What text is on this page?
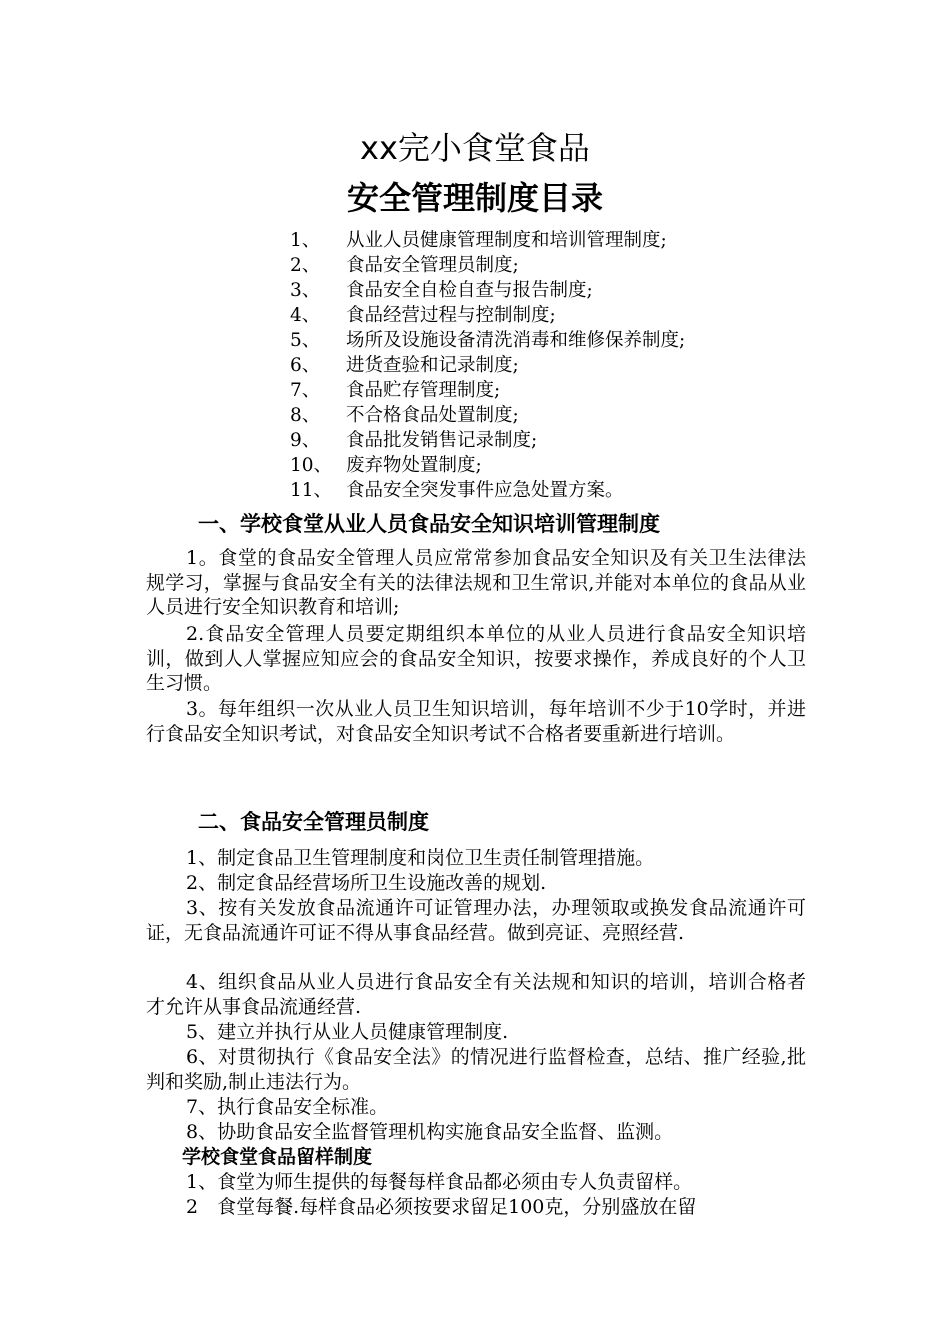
xx完小食堂食品
安全管理制度目录
1、 从业人员健康管理制度和培训管理制度;
2、 食品安全管理员制度;
3、 食品安全自检自查与报告制度;
4、 食品经营过程与控制制度;
5、 场所及设施设备清洗消毒和维修保养制度;
6、 进货查验和记录制度;
7、 食品贮存管理制度;
8、 不合格食品处置制度;
9、 食品批发销售记录制度;
10、 废弃物处置制度;
11、 食品安全突发事件应急处置方案。
一、学校食堂从业人员食品安全知识培训管理制度

1。食堂的食品安全管理人员应常常参加食品安全知识及有关卫生法律法规学习，掌握与食品安全有关的法律法规和卫生常识,并能对本单位的食品从业人员进行安全知识教育和培训;

2.食品安全管理人员要定期组织本单位的从业人员进行食品安全知识培训，做到人人掌握应知应会的食品安全知识，按要求操作，养成良好的个人卫生习惯。

3。每年组织一次从业人员卫生知识培训，每年培训不少于10学时，并进行食品安全知识考试，对食品安全知识考试不合格者要重新进行培训。

二、食品安全管理员制度

1、制定食品卫生管理制度和岗位卫生责任制管理措施。

2、制定食品经营场所卫生设施改善的规划.

3、按有关发放食品流通许可证管理办法，办理领取或换发食品流通许可证，无食品流通许可证不得从事食品经营。做到亮证、亮照经营.

4、组织食品从业人员进行食品安全有关法规和知识的培训，培训合格者才允许从事食品流通经营.

5、建立并执行从业人员健康管理制度.

6、对贯彻执行《食品安全法》的情况进行监督检查，总结、推广经验,批判和奖励,制止违法行为。

7、执行食品安全标准。

8、协助食品安全监督管理机构实施食品安全监督、监测。

学校食堂食品留样制度

1、食堂为师生提供的每餐每样食品都必须由专人负责留样。

2　食堂每餐.每样食品必须按要求留足100克，分别盛放在留
